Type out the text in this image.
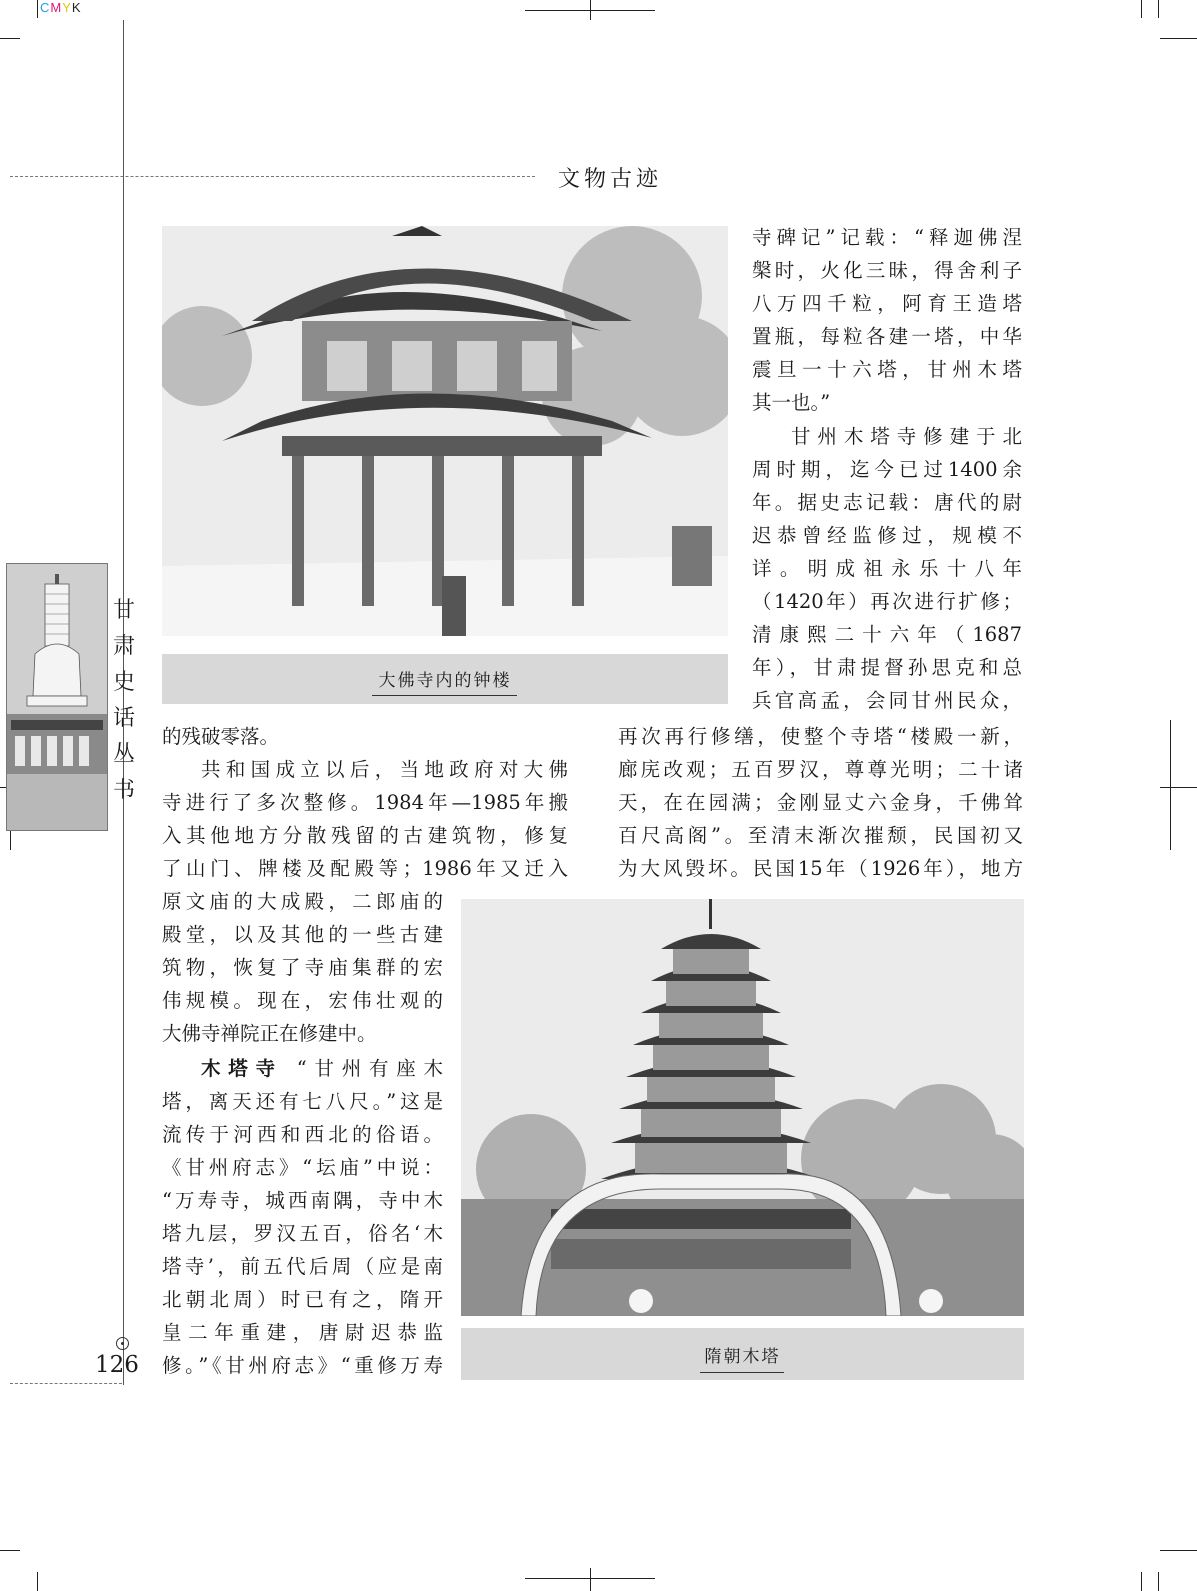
CMYK
文物古迹
甘
肃
史
话
丛
书
大佛寺内的钟楼
寺碑记”记载：“释迦佛涅
槃时，火化三昧，得舍利子
八万四千粒，阿育王造塔
置瓶，每粒各建一塔，中华
震旦一十六塔，甘州木塔
其一也。”
甘州木塔寺修建于北
周时期，迄今已过1400余
年。据史志记载：唐代的尉
迟恭曾经监修过，规模不
详。明成祖永乐十八年
（1420年）再次进行扩修；
清康熙二十六年（1687
年），甘肃提督孙思克和总
兵官高孟，会同甘州民众，
的残破零落。
共和国成立以后，当地政府对大佛
寺进行了多次整修。1984年—1985年搬
入其他地方分散残留的古建筑物，修复
了山门、牌楼及配殿等；1986年又迁入
再次再行修缮，使整个寺塔“楼殿一新，
廊庑改观；五百罗汉，尊尊光明；二十诸
天，在在园满；金刚显丈六金身，千佛耸
百尺高阁”。至清末渐次摧颓，民国初又
为大风毁坏。民国15年（1926年），地方
原文庙的大成殿，二郎庙的
殿堂，以及其他的一些古建
筑物，恢复了寺庙集群的宏
伟规模。现在，宏伟壮观的
大佛寺禅院正在修建中。
木塔寺 “甘州有座木
塔，离天还有七八尺。”这是
流传于河西和西北的俗语。
《甘州府志》“坛庙”中说：
“万寿寺，城西南隅，寺中木
塔九层，罗汉五百，俗名‘木
塔寺’，前五代后周（应是南
北朝北周）时已有之，隋开
皇二年重建，唐尉迟恭监
修。”《甘州府志》“重修万寿	隋朝木塔
126
